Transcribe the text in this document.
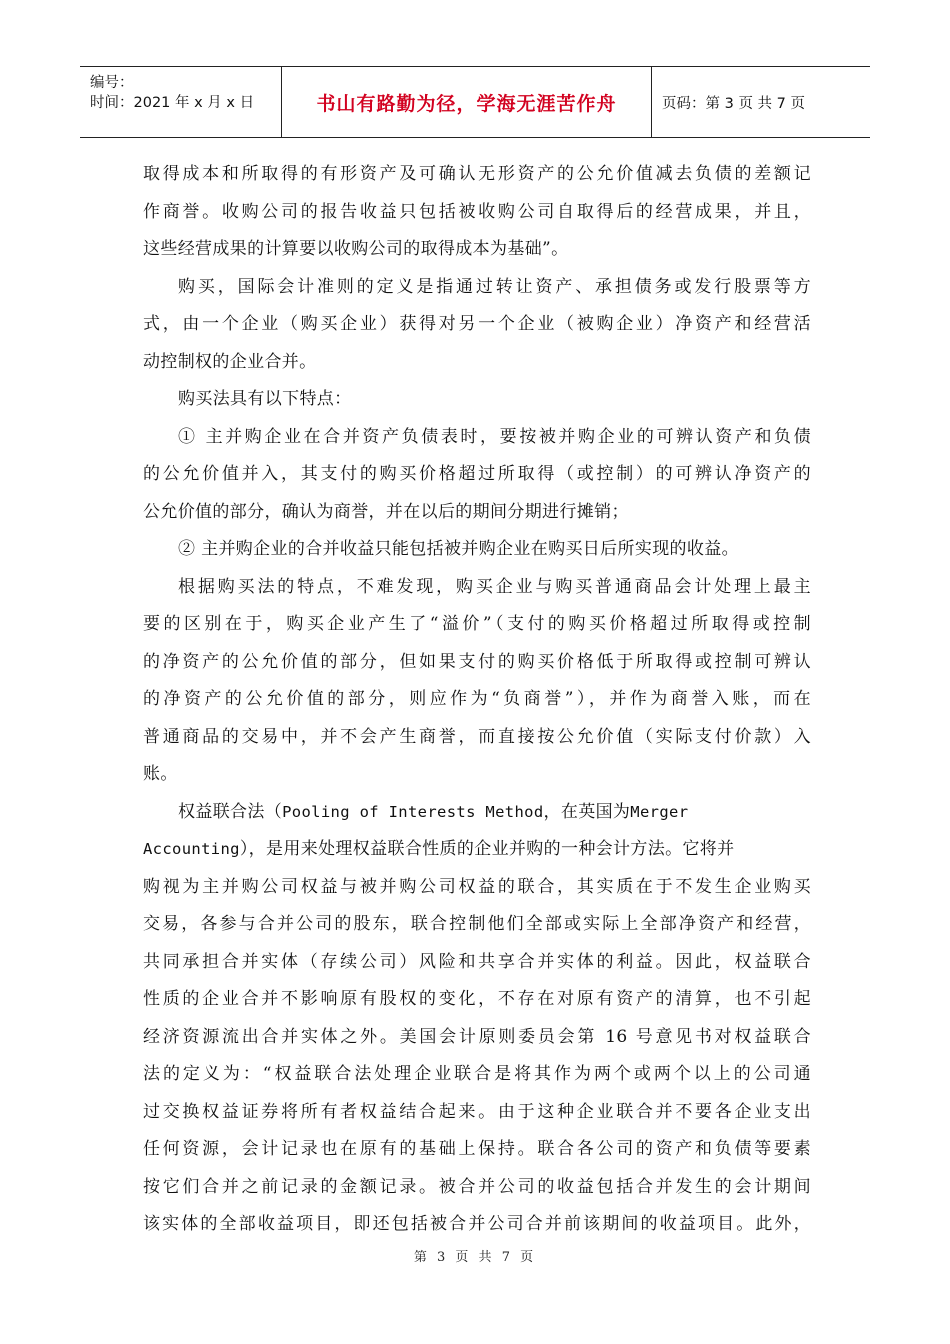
编号：
时间：2021 年 x 月 x 日	书山有路勤为径，学海无涯苦作舟	页码：第 3 页 共 7 页
取得成本和所取得的有形资产及可确认无形资产的公允价值减去负债的差额记
作商誉。收购公司的报告收益只包括被收购公司自取得后的经营成果，并且，
这些经营成果的计算要以收购公司的取得成本为基础”。
购买，国际会计准则的定义是指通过转让资产、承担债务或发行股票等方
式，由一个企业（购买企业）获得对另一个企业（被购企业）净资产和经营活
动控制权的企业合并。
购买法具有以下特点：
① 主并购企业在合并资产负债表时，要按被并购企业的可辨认资产和负债
的公允价值并入，其支付的购买价格超过所取得（或控制）的可辨认净资产的
公允价值的部分，确认为商誉，并在以后的期间分期进行摊销；
② 主并购企业的合并收益只能包括被并购企业在购买日后所实现的收益。
根据购买法的特点，不难发现，购买企业与购买普通商品会计处理上最主
要的区别在于，购买企业产生了“溢价”（支付的购买价格超过所取得或控制
的净资产的公允价值的部分，但如果支付的购买价格低于所取得或控制可辨认
的净资产的公允价值的部分，则应作为“负商誉”），并作为商誉入账，而在
普通商品的交易中，并不会产生商誉，而直接按公允价值（实际支付价款）入
账。
权益联合法（Pooling of Interests Method，在英国为Merger
Accounting），是用来处理权益联合性质的企业并购的一种会计方法。它将并
购视为主并购公司权益与被并购公司权益的联合，其实质在于不发生企业购买
交易，各参与合并公司的股东，联合控制他们全部或实际上全部净资产和经营，
共同承担合并实体（存续公司）风险和共享合并实体的利益。因此，权益联合
性质的企业合并不影响原有股权的变化，不存在对原有资产的清算，也不引起
经济资源流出合并实体之外。美国会计原则委员会第 16 号意见书对权益联合
法的定义为：“权益联合法处理企业联合是将其作为两个或两个以上的公司通
过交换权益证券将所有者权益结合起来。由于这种企业联合并不要各企业支出
任何资源，会计记录也在原有的基础上保持。联合各公司的资产和负债等要素
按它们合并之前记录的金额记录。被合并公司的收益包括合并发生的会计期间
该实体的全部收益项目，即还包括被合并公司合并前该期间的收益项目。此外，
第 3 页 共 7 页
